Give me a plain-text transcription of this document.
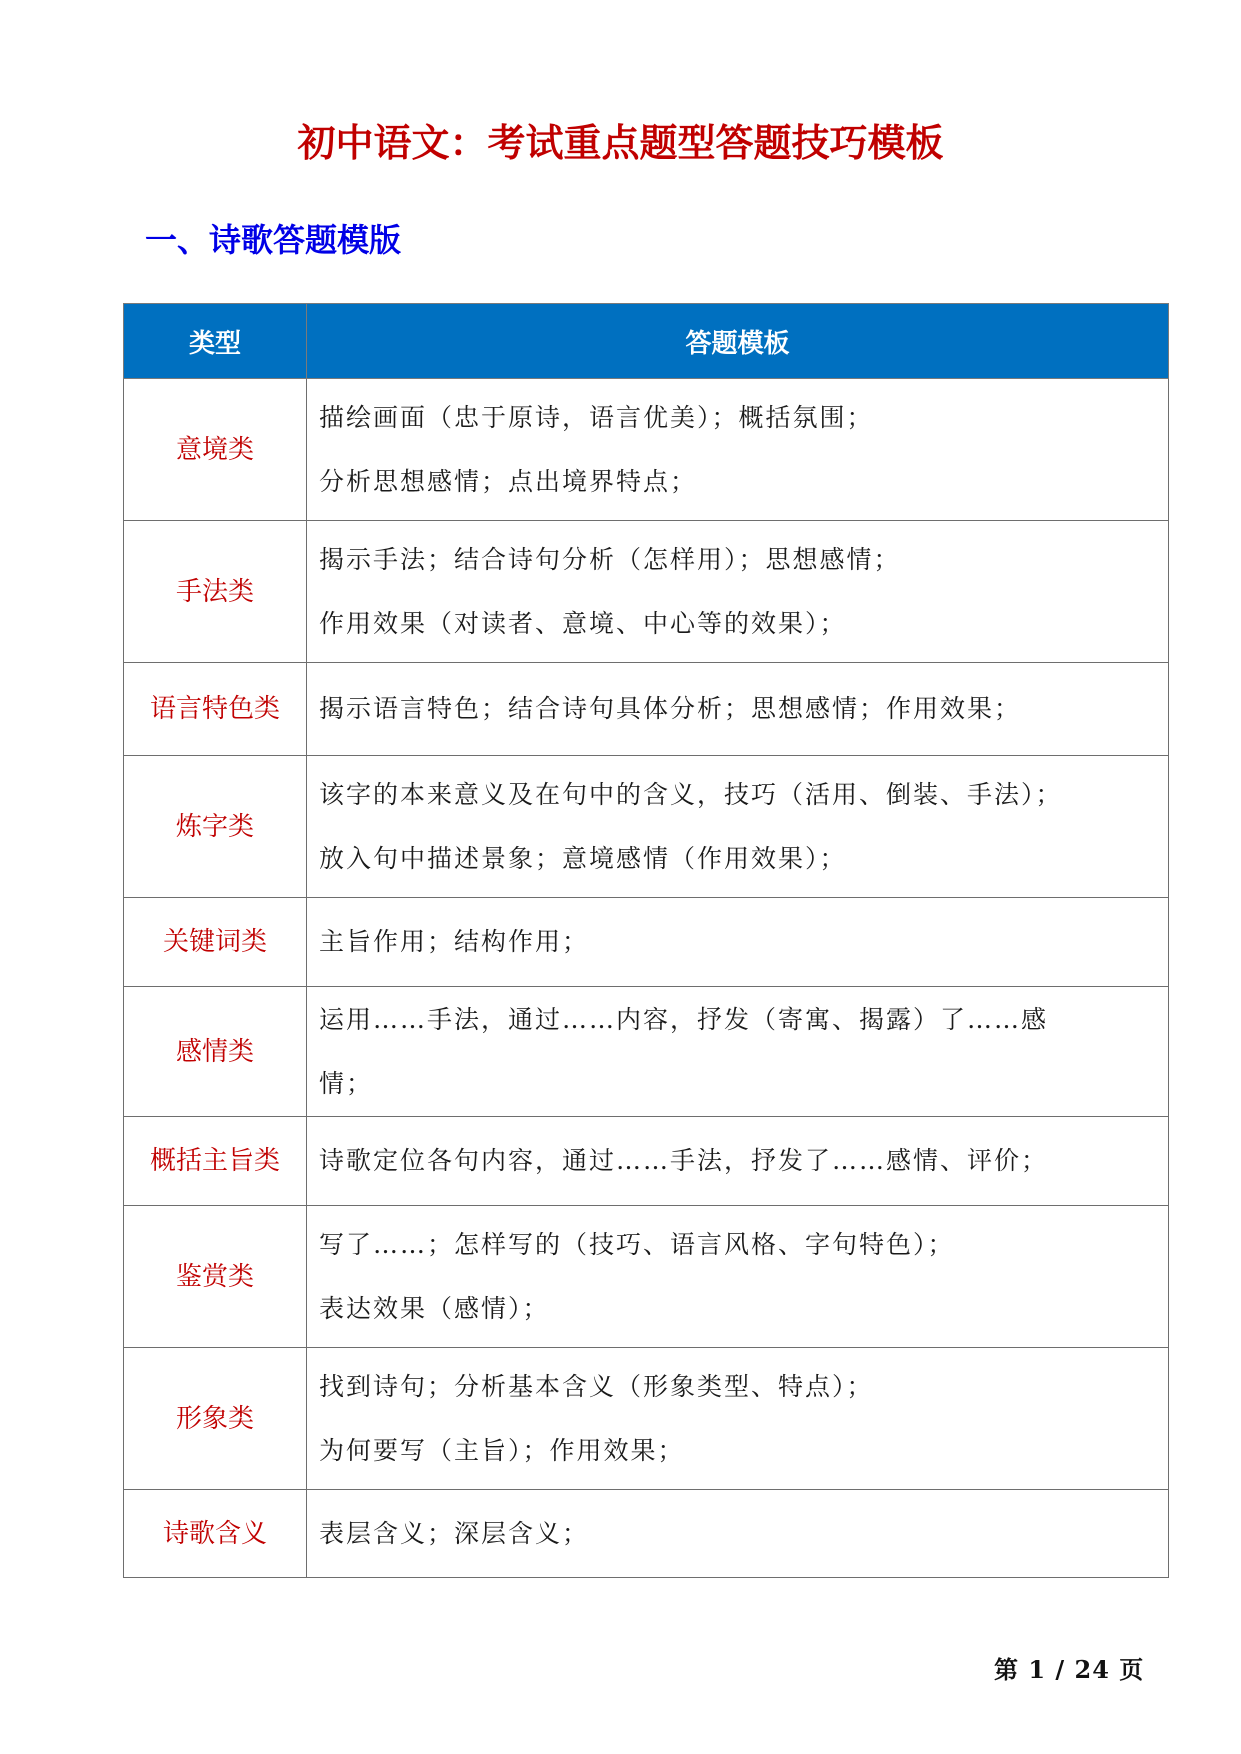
初中语文：考试重点题型答题技巧模板
一、诗歌答题模版
类型	答题模板
意境类	描绘画面（忠于原诗，语言优美）；概括氛围；
分析思想感情；点出境界特点；

手法类	揭示手法；结合诗句分析（怎样用）；思想感情；
作用效果（对读者、意境、中心等的效果）；

语言特色类	揭示语言特色；结合诗句具体分析；思想感情；作用效果；

炼字类	该字的本来意义及在句中的含义，技巧（活用、倒装、手法）；
放入句中描述景象；意境感情（作用效果）；

关键词类	主旨作用；结构作用；

感情类	运用……手法，通过……内容，抒发（寄寓、揭露）了……感
情；

概括主旨类	诗歌定位各句内容，通过……手法，抒发了……感情、评价；

鉴赏类	写了……；怎样写的（技巧、语言风格、字句特色）；
表达效果（感情）；

形象类	找到诗句；分析基本含义（形象类型、特点）；
为何要写（主旨）；作用效果；

诗歌含义	表层含义；深层含义；
第 1 / 24 页
